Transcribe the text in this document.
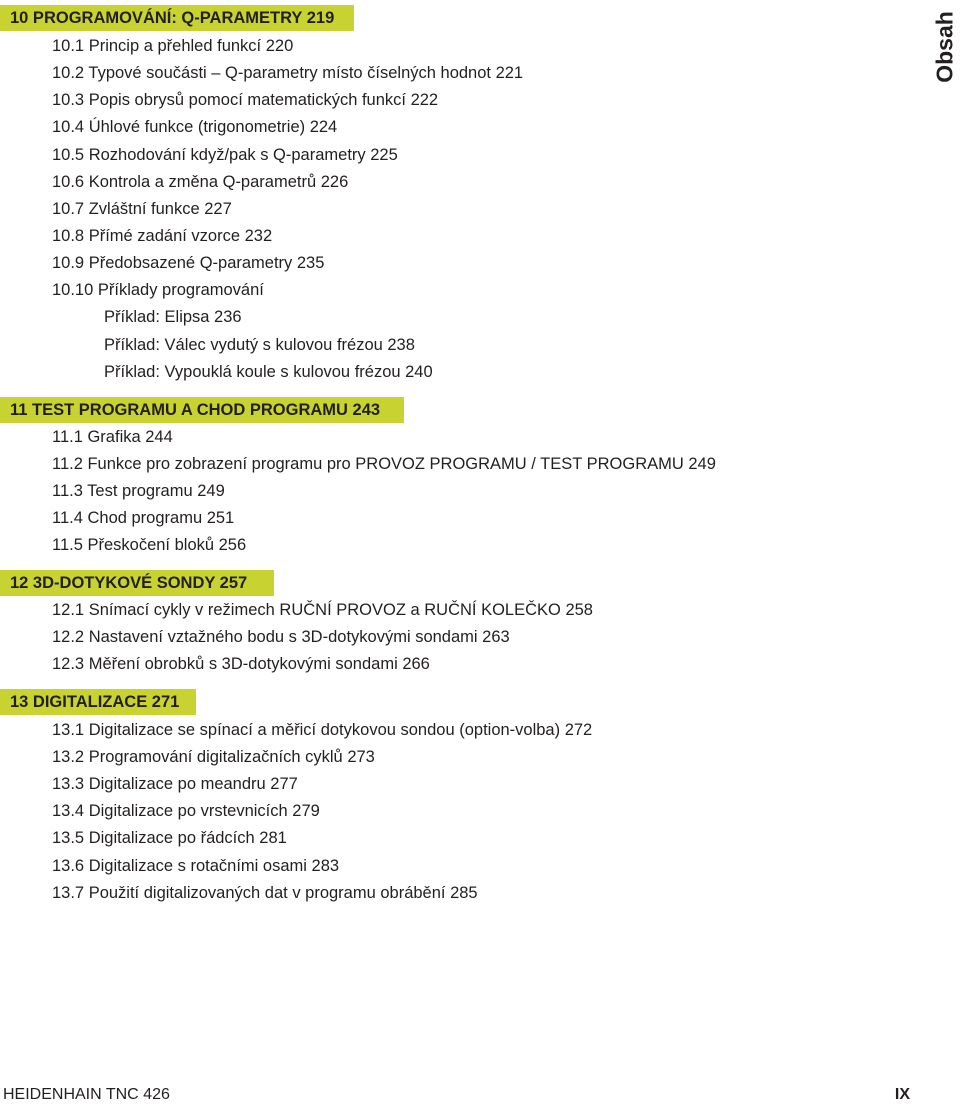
Obsah
10 PROGRAMOVÁNÍ: Q-PARAMETRY 219
10.1 Princip a přehled funkcí 220
10.2 Typové součásti – Q-parametry místo číselných hodnot 221
10.3 Popis obrysů pomocí matematických funkcí 222
10.4 Úhlové funkce (trigonometrie) 224
10.5 Rozhodování když/pak s Q-parametry 225
10.6 Kontrola a změna Q-parametrů 226
10.7 Zvláštní funkce 227
10.8 Přímé zadání vzorce 232
10.9 Předobsazené Q-parametry 235
10.10 Příklady programování
Příklad: Elipsa 236
Příklad: Válec vydutý s kulovou frézou 238
Příklad: Vypouklá koule s kulovou frézou 240
11 TEST PROGRAMU A CHOD PROGRAMU 243
11.1 Grafika 244
11.2 Funkce pro zobrazení programu pro PROVOZ PROGRAMU / TEST PROGRAMU 249
11.3 Test programu 249
11.4 Chod programu 251
11.5 Přeskočení bloků 256
12 3D-DOTYKOVÉ SONDY 257
12.1 Snímací cykly v režimech RUČNÍ PROVOZ a RUČNÍ KOLEČKO 258
12.2 Nastavení vztažného bodu s 3D-dotykovými sondami 263
12.3 Měření obrobků s 3D-dotykovými sondami 266
13 DIGITALIZACE 271
13.1 Digitalizace se spínací a měřicí dotykovou sondou (option-volba) 272
13.2 Programování digitalizačních cyklů 273
13.3 Digitalizace po meandru 277
13.4 Digitalizace po vrstevnicích 279
13.5 Digitalizace po řádcích 281
13.6 Digitalizace s rotačními osami 283
13.7 Použití digitalizovaných dat v programu obrábění 285
HEIDENHAIN TNC 426	IX
